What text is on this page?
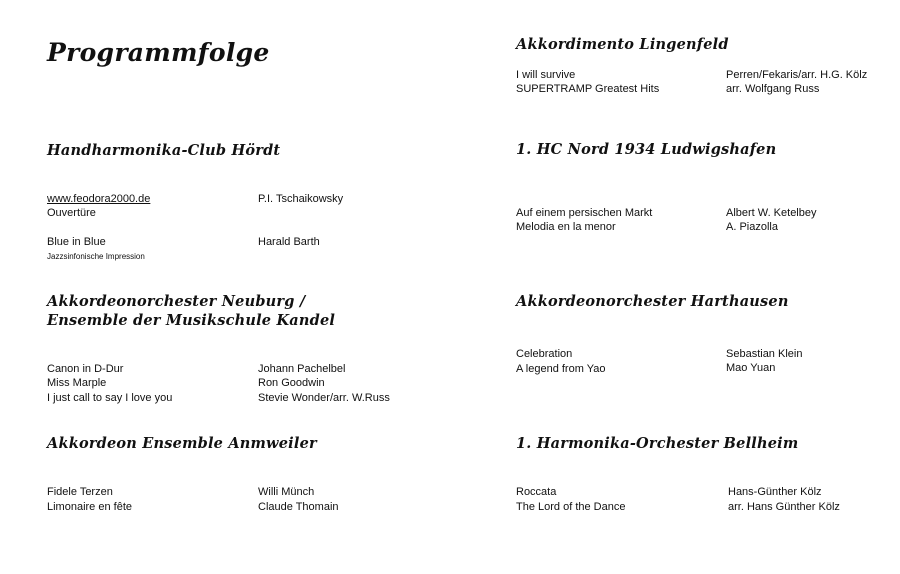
Programmfolge
Handharmonika-Club Hördt
www.feodora2000.de	P.I. Tschaikowsky
Ouvertüre
Blue in Blue	Harald Barth
Jazzsinfonische Impression
Akkordeonorchester Neuburg /
Ensemble der Musikschule Kandel
Canon in D-Dur	Johann Pachelbel
Miss Marple	Ron Goodwin
I just call to say I love you	Stevie Wonder/arr. W.Russ
Akkordeon Ensemble Anmweiler
Fidele Terzen	Willi Münch
Limonaire en fête	Claude Thomain
Akkordimento Lingenfeld
I will survive	Perren/Fekaris/arr. H.G. Kölz
SUPERTRAMP Greatest Hits	arr. Wolfgang Russ
1. HC Nord 1934 Ludwigshafen
Auf einem persischen Markt	Albert W. Ketelbey
Melodia en la menor	A. Piazolla
Akkordeonorchester Harthausen
Celebration	Sebastian Klein
A legend from Yao	Mao Yuan
1. Harmonika-Orchester Bellheim
Roccata	Hans-Günther Kölz
The Lord of the Dance	arr. Hans Günther Kölz
